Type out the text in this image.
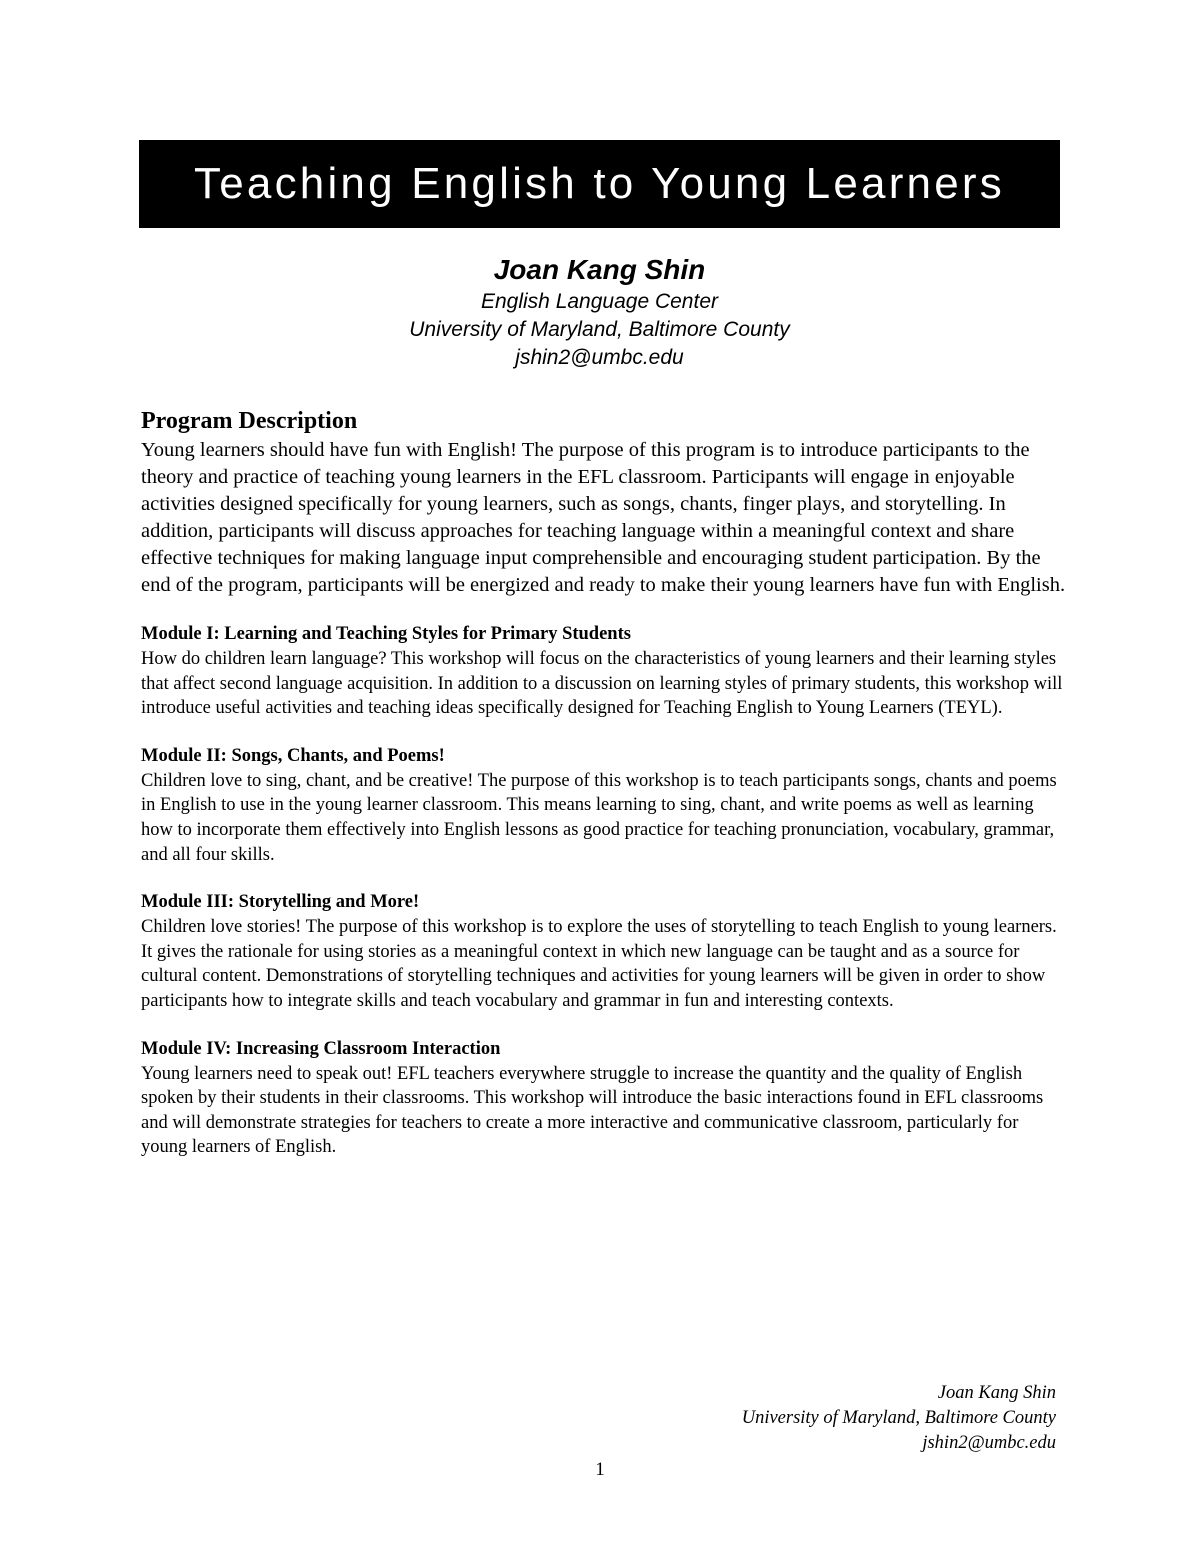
Teaching English to Young Learners
Joan Kang Shin
English Language Center
University of Maryland, Baltimore County
jshin2@umbc.edu
Program Description

Young learners should have fun with English! The purpose of this program is to introduce participants to the theory and practice of teaching young learners in the EFL classroom. Participants will engage in enjoyable activities designed specifically for young learners, such as songs, chants, finger plays, and storytelling. In addition, participants will discuss approaches for teaching language within a meaningful context and share effective techniques for making language input comprehensible and encouraging student participation. By the end of the program, participants will be energized and ready to make their young learners have fun with English.

Module I: Learning and Teaching Styles for Primary Students

How do children learn language? This workshop will focus on the characteristics of young learners and their learning styles that affect second language acquisition. In addition to a discussion on learning styles of primary students, this workshop will introduce useful activities and teaching ideas specifically designed for Teaching English to Young Learners (TEYL).

Module II: Songs, Chants, and Poems!

Children love to sing, chant, and be creative! The purpose of this workshop is to teach participants songs, chants and poems in English to use in the young learner classroom. This means learning to sing, chant, and write poems as well as learning how to incorporate them effectively into English lessons as good practice for teaching pronunciation, vocabulary, grammar, and all four skills.

Module III: Storytelling and More!

Children love stories! The purpose of this workshop is to explore the uses of storytelling to teach English to young learners. It gives the rationale for using stories as a meaningful context in which new language can be taught and as a source for cultural content. Demonstrations of storytelling techniques and activities for young learners will be given in order to show participants how to integrate skills and teach vocabulary and grammar in fun and interesting contexts.

Module IV: Increasing Classroom Interaction

Young learners need to speak out! EFL teachers everywhere struggle to increase the quantity and the quality of English spoken by their students in their classrooms. This workshop will introduce the basic interactions found in EFL classrooms and will demonstrate strategies for teachers to create a more interactive and communicative classroom, particularly for young learners of English.

Joan Kang Shin
University of Maryland, Baltimore County
jshin2@umbc.edu
1
